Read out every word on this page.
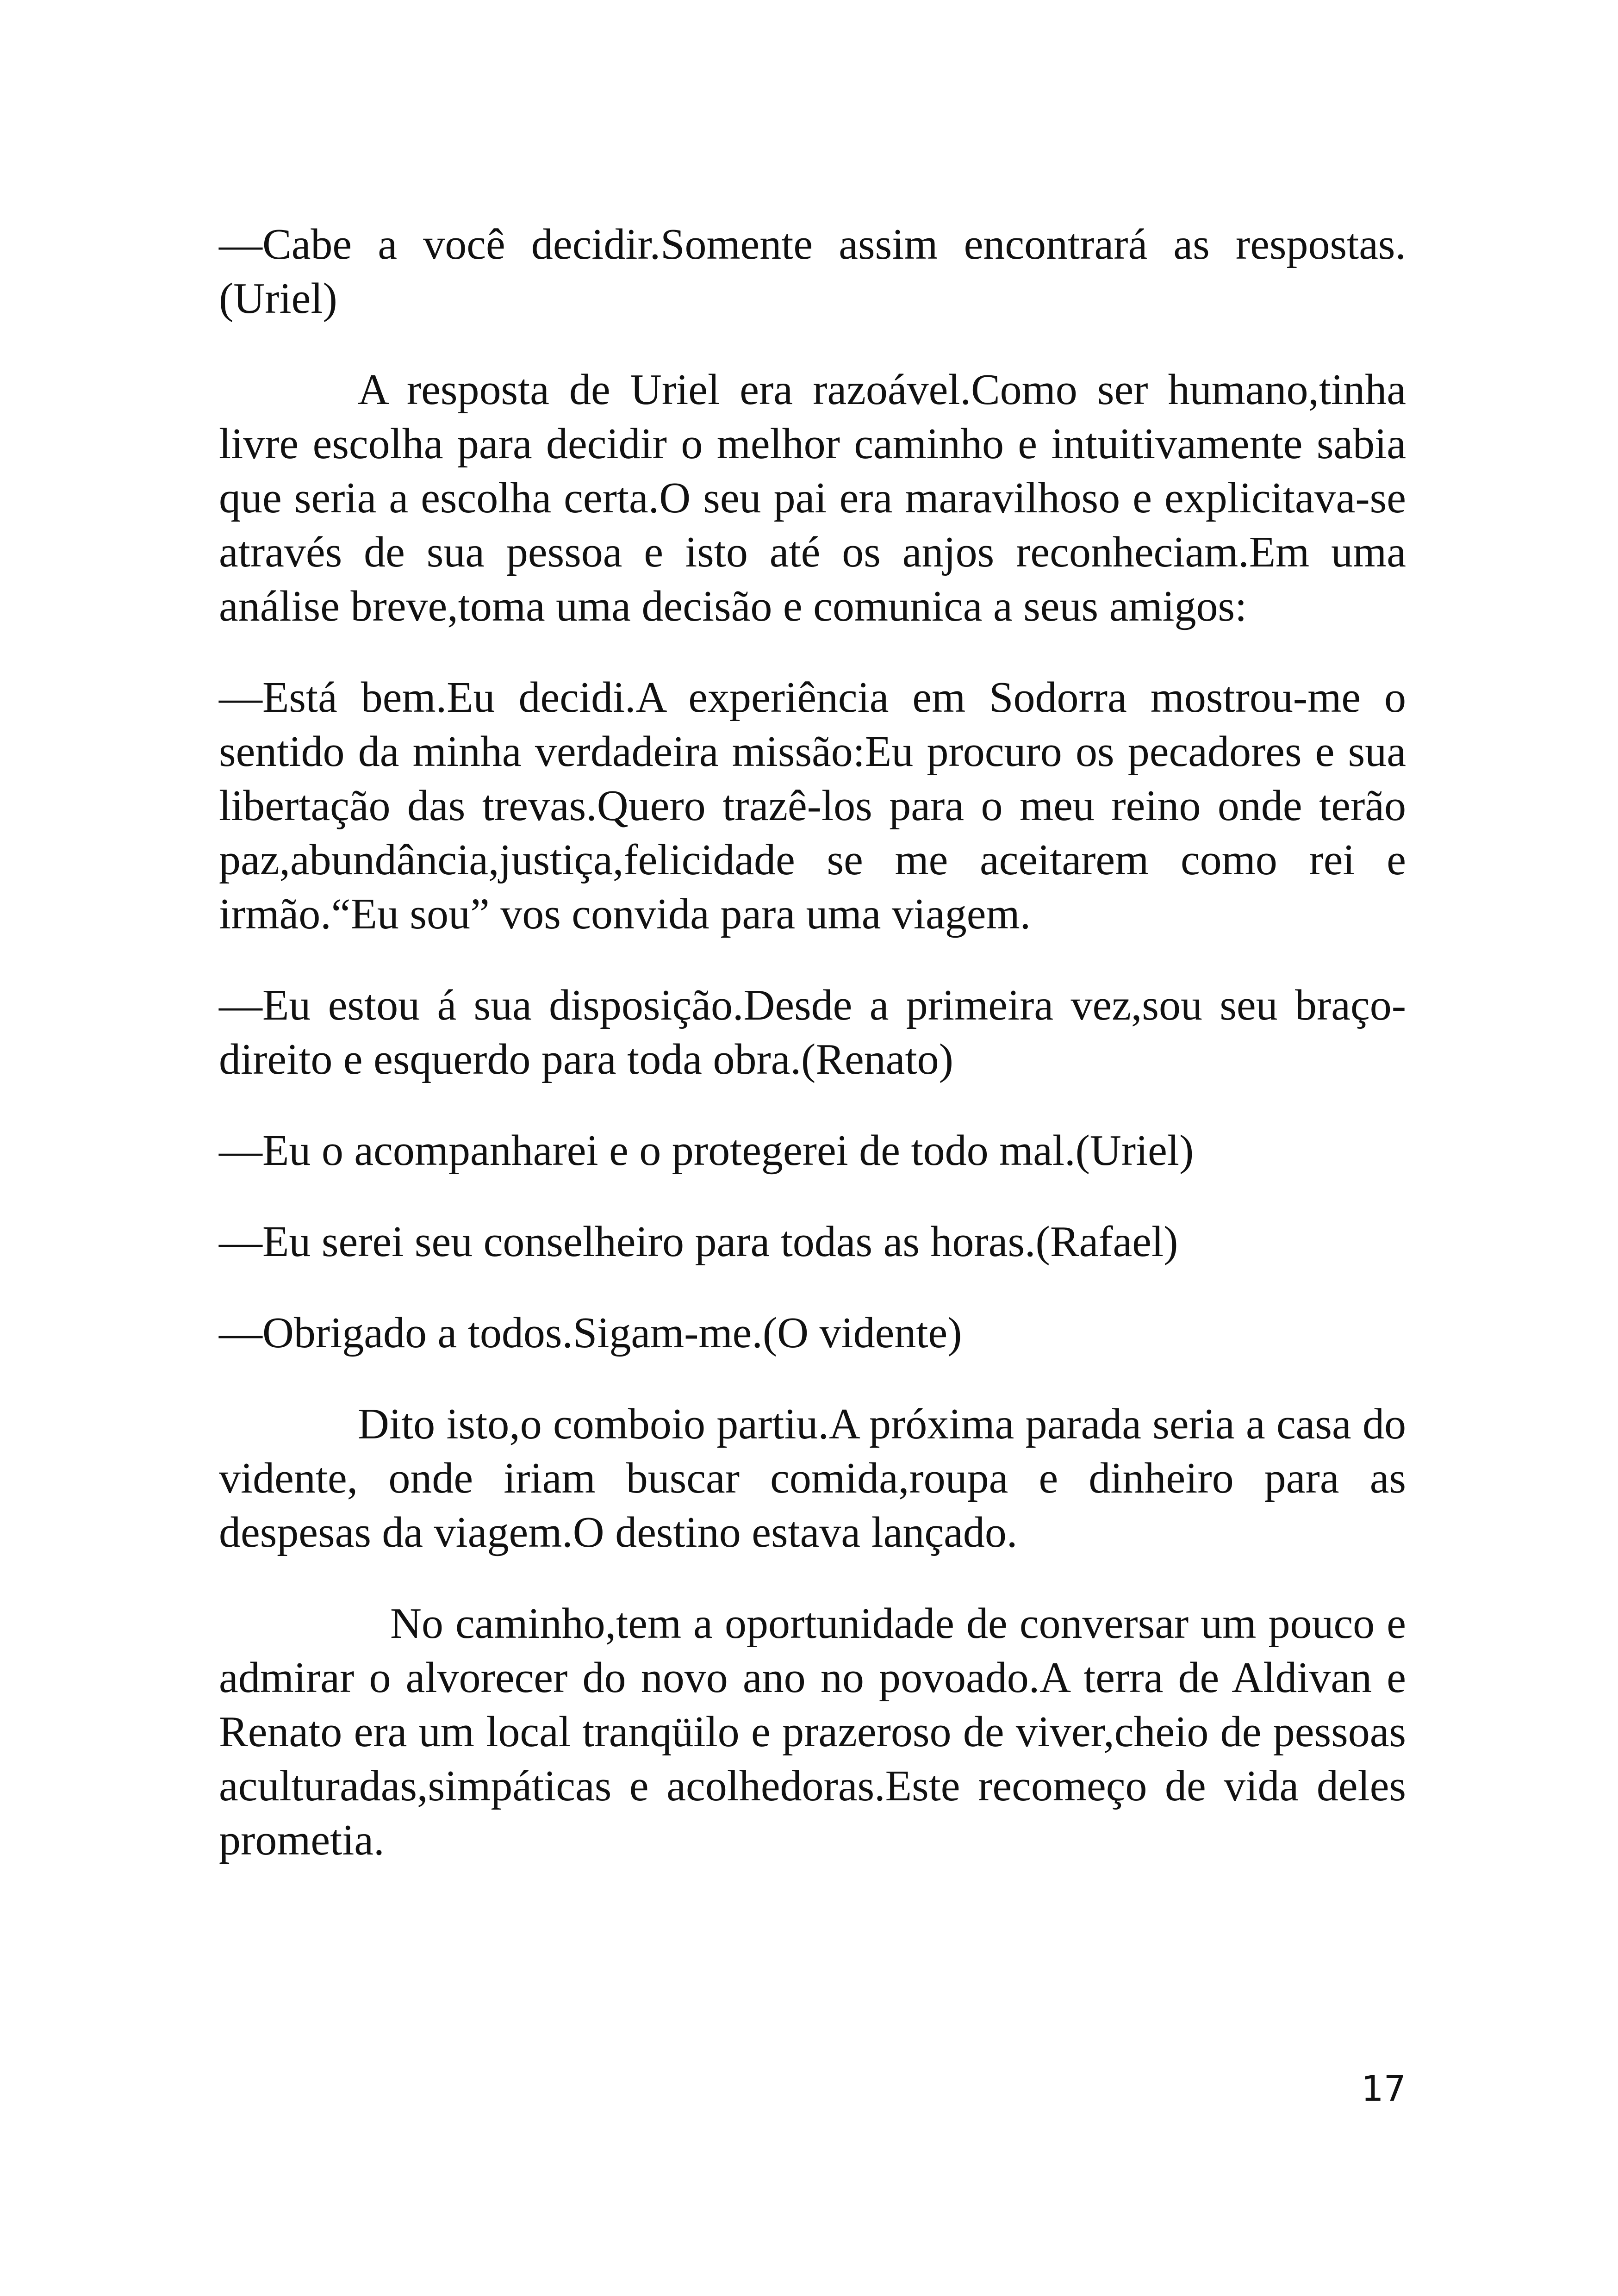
—Cabe a você decidir.Somente assim encontrará as respostas.(Uriel)

A resposta de Uriel era razoável.Como ser humano,tinha livre escolha para decidir o melhor caminho e intuitivamente sabia que seria a escolha certa.O seu pai era maravilhoso e explicitava-se através de sua pessoa e isto até os anjos reconheciam.Em uma análise breve,toma uma decisão e comunica a seus amigos:

—Está bem.Eu decidi.A experiência em Sodorra mostrou-me o sentido da minha verdadeira missão:Eu procuro os pecadores e sua libertação das trevas.Quero trazê-los para o meu reino onde terão paz,abundância,justiça,felicidade se me aceitarem como rei e irmão.“Eu sou” vos convida para uma viagem.

—Eu estou á sua disposição.Desde a primeira vez,sou seu braço-direito e esquerdo para toda obra.(Renato)

—Eu o acompanharei e o protegerei de todo mal.(Uriel)

—Eu serei seu conselheiro para todas as horas.(Rafael)

—Obrigado a todos.Sigam-me.(O vidente)

Dito isto,o comboio partiu.A próxima parada seria a casa do vidente, onde iriam buscar comida,roupa e dinheiro para as despesas da viagem.O destino estava lançado.

No caminho,tem a oportunidade de conversar um pouco e admirar o alvorecer do novo ano no povoado.A terra de Aldivan e Renato era um local tranqüilo e prazeroso de viver,cheio de pessoas aculturadas,simpáticas e acolhedoras.Este recomeço de vida deles prometia.

17
